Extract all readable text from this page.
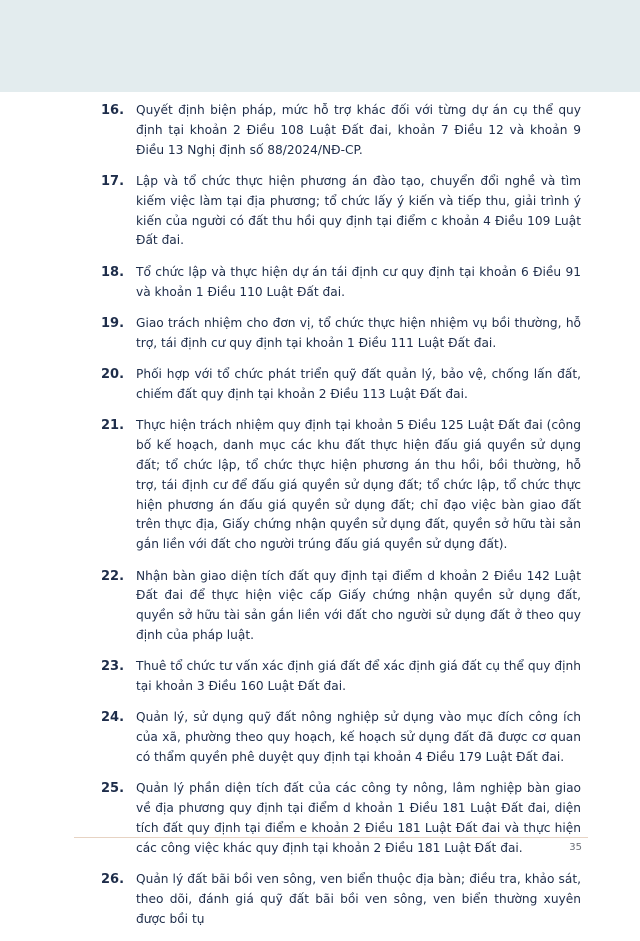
16. Quyết định biện pháp, mức hỗ trợ khác đối với từng dự án cụ thể quy định tại khoản 2 Điều 108 Luật Đất đai, khoản 7 Điều 12 và khoản 9 Điều 13 Nghị định số 88/2024/NĐ-CP.
17. Lập và tổ chức thực hiện phương án đào tạo, chuyển đổi nghề và tìm kiếm việc làm tại địa phương; tổ chức lấy ý kiến và tiếp thu, giải trình ý kiến của người có đất thu hồi quy định tại điểm c khoản 4 Điều 109 Luật Đất đai.
18. Tổ chức lập và thực hiện dự án tái định cư quy định tại khoản 6 Điều 91 và khoản 1 Điều 110 Luật Đất đai.
19. Giao trách nhiệm cho đơn vị, tổ chức thực hiện nhiệm vụ bồi thường, hỗ trợ, tái định cư quy định tại khoản 1 Điều 111 Luật Đất đai.
20. Phối hợp với tổ chức phát triển quỹ đất quản lý, bảo vệ, chống lấn đất, chiếm đất quy định tại khoản 2 Điều 113 Luật Đất đai.
21. Thực hiện trách nhiệm quy định tại khoản 5 Điều 125 Luật Đất đai (công bố kế hoạch, danh mục các khu đất thực hiện đấu giá quyền sử dụng đất; tổ chức lập, tổ chức thực hiện phương án thu hồi, bồi thường, hỗ trợ, tái định cư để đấu giá quyền sử dụng đất; tổ chức lập, tổ chức thực hiện phương án đấu giá quyền sử dụng đất; chỉ đạo việc bàn giao đất trên thực địa, Giấy chứng nhận quyền sử dụng đất, quyền sở hữu tài sản gắn liền với đất cho người trúng đấu giá quyền sử dụng đất).
22. Nhận bàn giao diện tích đất quy định tại điểm d khoản 2 Điều 142 Luật Đất đai để thực hiện việc cấp Giấy chứng nhận quyền sử dụng đất, quyền sở hữu tài sản gắn liền với đất cho người sử dụng đất ở theo quy định của pháp luật.
23. Thuê tổ chức tư vấn xác định giá đất để xác định giá đất cụ thể quy định tại khoản 3 Điều 160 Luật Đất đai.
24. Quản lý, sử dụng quỹ đất nông nghiệp sử dụng vào mục đích công ích của xã, phường theo quy hoạch, kế hoạch sử dụng đất đã được cơ quan có thẩm quyền phê duyệt quy định tại khoản 4 Điều 179 Luật Đất đai.
25. Quản lý phần diện tích đất của các công ty nông, lâm nghiệp bàn giao về địa phương quy định tại điểm d khoản 1 Điều 181 Luật Đất đai, diện tích đất quy định tại điểm e khoản 2 Điều 181 Luật Đất đai và thực hiện các công việc khác quy định tại khoản 2 Điều 181 Luật Đất đai.
26. Quản lý đất bãi bồi ven sông, ven biển thuộc địa bàn; điều tra, khảo sát, theo dõi, đánh giá quỹ đất bãi bồi ven sông, ven biển thường xuyên được bồi tụ
35
